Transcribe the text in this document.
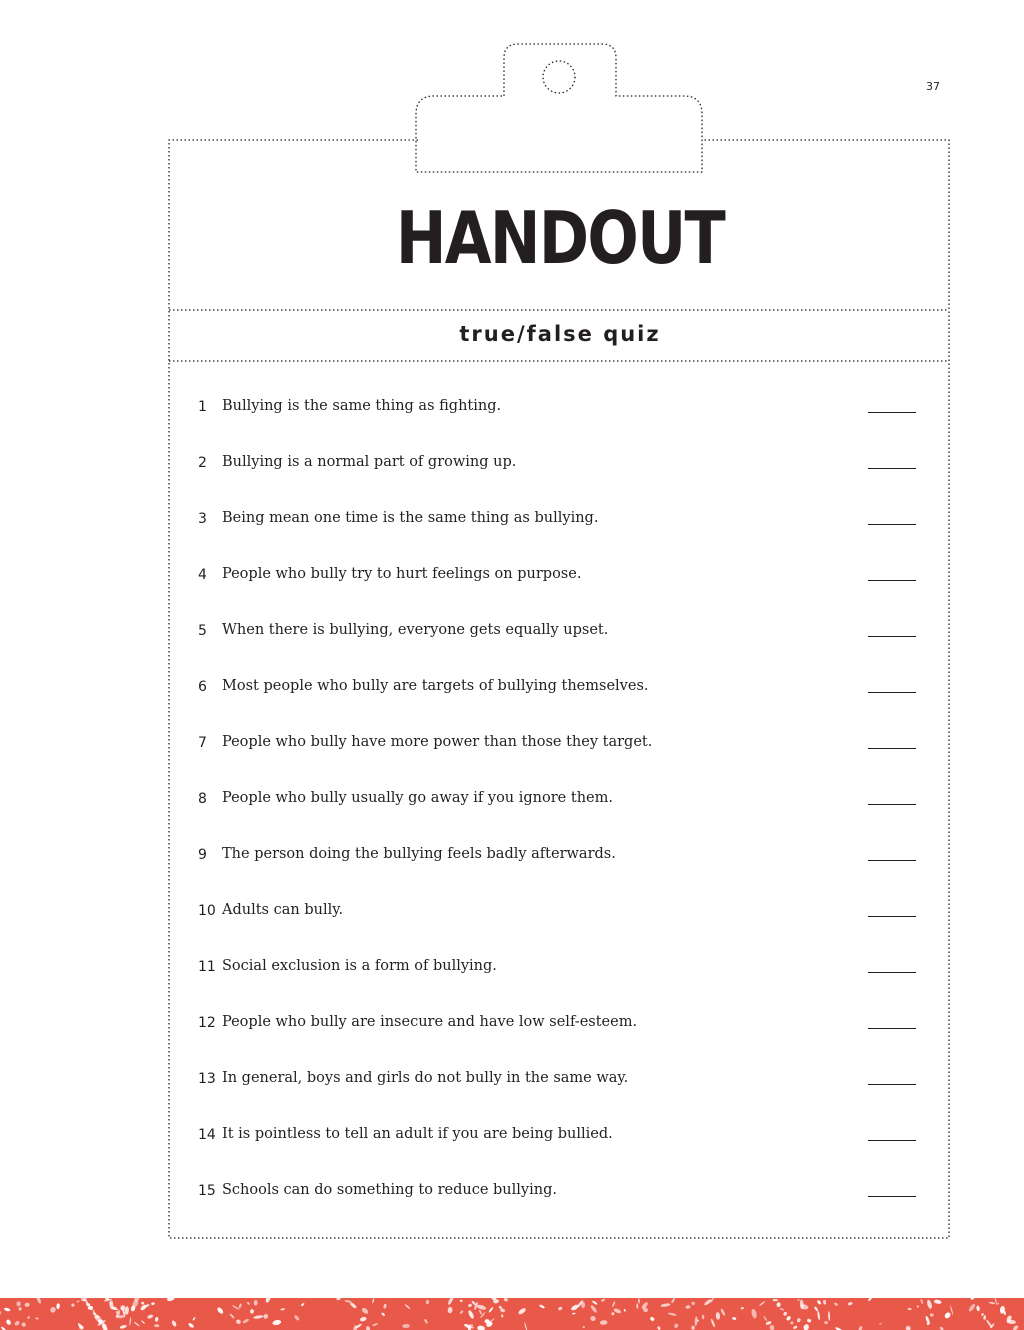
37
HANDOUT
true/false quiz
1 Bullying is the same thing as fighting.
2 Bullying is a normal part of growing up.
3 Being mean one time is the same thing as bullying.
4 People who bully try to hurt feelings on purpose.
5 When there is bullying, everyone gets equally upset.
6 Most people who bully are targets of bullying themselves.
7 People who bully have more power than those they target.
8 People who bully usually go away if you ignore them.
9 The person doing the bullying feels badly afterwards.
10 Adults can bully.
11 Social exclusion is a form of bullying.
12 People who bully are insecure and have low self-esteem.
13 In general, boys and girls do not bully in the same way.
14 It is pointless to tell an adult if you are being bullied.
15 Schools can do something to reduce bullying.
